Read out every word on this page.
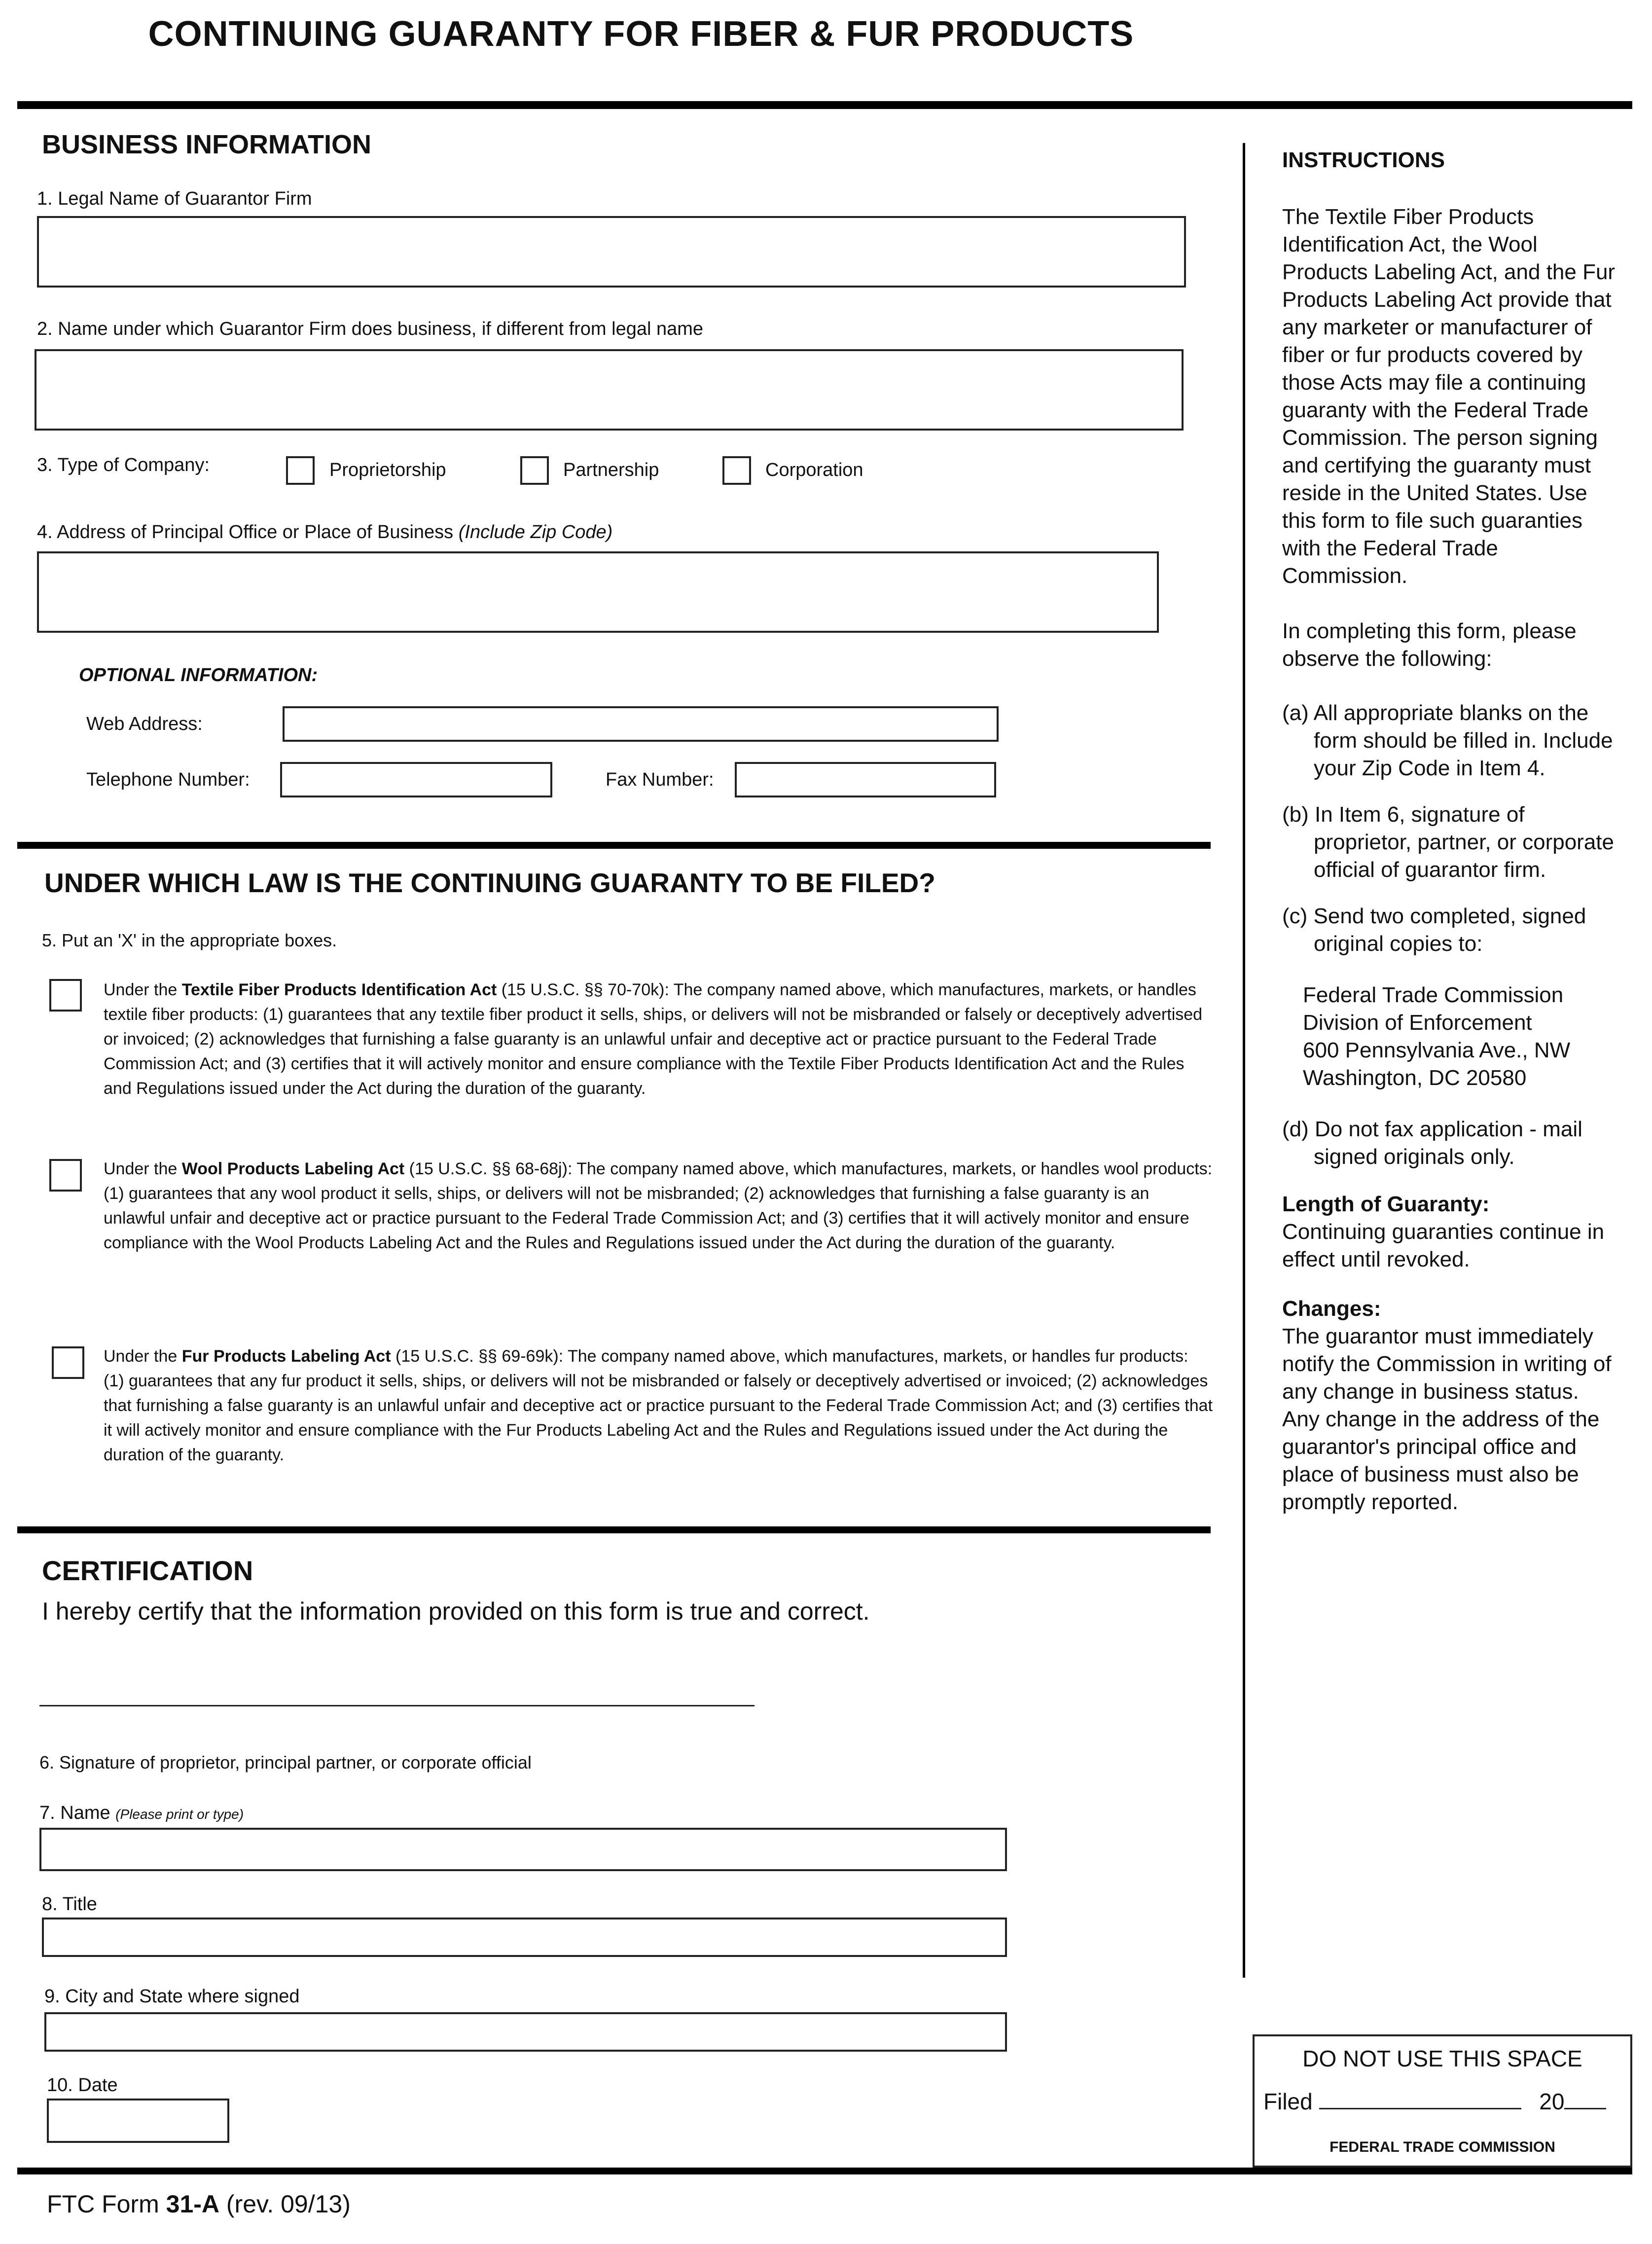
CONTINUING GUARANTY FOR FIBER & FUR PRODUCTS
BUSINESS INFORMATION
1. Legal Name of Guarantor Firm
2. Name under which Guarantor Firm does business, if different from legal name
3. Type of Company:	Proprietorship	Partnership	Corporation
4. Address of Principal Office or Place of Business (Include Zip Code)
OPTIONAL INFORMATION:
Web Address:
Telephone Number:	Fax Number:
UNDER WHICH LAW IS THE CONTINUING GUARANTY TO BE FILED?
5. Put an 'X' in the appropriate boxes.
Under the Textile Fiber Products Identification Act (15 U.S.C. §§ 70-70k): The company named above, which manufactures, markets, or handles textile fiber products: (1) guarantees that any textile fiber product it sells, ships, or delivers will not be misbranded or falsely or deceptively advertised or invoiced; (2) acknowledges that furnishing a false guaranty is an unlawful unfair and deceptive act or practice pursuant to the Federal Trade Commission Act; and (3) certifies that it will actively monitor and ensure compliance with the Textile Fiber Products Identification Act and the Rules and Regulations issued under the Act during the duration of the guaranty.
Under the Wool Products Labeling Act (15 U.S.C. §§ 68-68j): The company named above, which manufactures, markets, or handles wool products: (1) guarantees that any wool product it sells, ships, or delivers will not be misbranded; (2) acknowledges that furnishing a false guaranty is an unlawful unfair and deceptive act or practice pursuant to the Federal Trade Commission Act; and (3) certifies that it will actively monitor and ensure compliance with the Wool Products Labeling Act and the Rules and Regulations issued under the Act during the duration of the guaranty.
Under the Fur Products Labeling Act (15 U.S.C. §§ 69-69k): The company named above, which manufactures, markets, or handles fur products: (1) guarantees that any fur product it sells, ships, or delivers will not be misbranded or falsely or deceptively advertised or invoiced; (2) acknowledges that furnishing a false guaranty is an unlawful unfair and deceptive act or practice pursuant to the Federal Trade Commission Act; and (3) certifies that it will actively monitor and ensure compliance with the Fur Products Labeling Act and the Rules and Regulations issued under the Act during the duration of the guaranty.
CERTIFICATION
I hereby certify that the information provided on this form is true and correct.
6. Signature of proprietor, principal partner, or corporate official
7. Name (Please print or type)
8. Title
9. City and State where signed
10. Date
INSTRUCTIONS
The Textile Fiber Products Identification Act, the Wool Products Labeling Act, and the Fur Products Labeling Act provide that any marketer or manufacturer of fiber or fur products covered by those Acts may file a continuing guaranty with the Federal Trade Commission. The person signing and certifying the guaranty must reside in the United States. Use this form to file such guaranties with the Federal Trade Commission.
In completing this form, please observe the following:
(a) All appropriate blanks on the form should be filled in. Include your Zip Code in Item 4.
(b) In Item 6, signature of proprietor, partner, or corporate official of guarantor firm.
(c) Send two completed, signed original copies to:
Federal Trade Commission
Division of Enforcement
600 Pennsylvania Ave., NW
Washington, DC 20580
(d) Do not fax application - mail signed originals only.
Length of Guaranty:
Continuing guaranties continue in effect until revoked.
Changes:
The guarantor must immediately notify the Commission in writing of any change in business status. Any change in the address of the guarantor's principal office and place of business must also be promptly reported.
DO NOT USE THIS SPACE
Filed	20
FEDERAL TRADE COMMISSION
FTC Form 31-A (rev. 09/13)
